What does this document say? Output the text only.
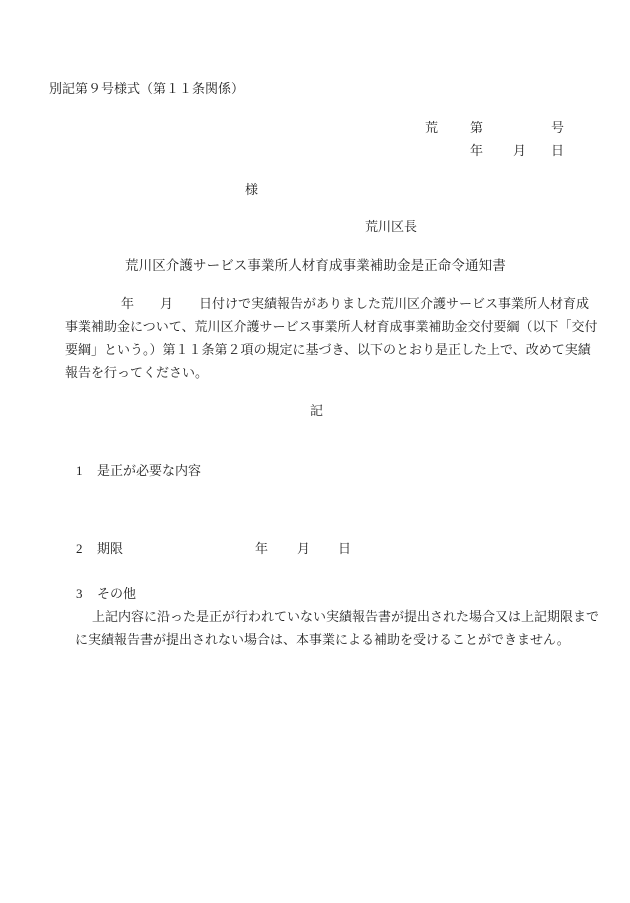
別記第９号様式（第１１条関係）
荒 第	号
年 月 日
様
荒川区長
荒川区介護サービス事業所人材育成事業補助金是正命令通知書
年　　月　　日付けで実績報告がありました荒川区介護サービス事業所人材育成
事業補助金について、荒川区介護サービス事業所人材育成事業補助金交付要綱（以下「交付
要綱」という。）第１１条第２項の規定に基づき、以下のとおり是正した上で、改めて実績
報告を行ってください。
記
1 是正が必要な内容
2 期限	年 月 日
3 その他
上記内容に沿った是正が行われていない実績報告書が提出された場合又は上記期限まで
に実績報告書が提出されない場合は、本事業による補助を受けることができません。
